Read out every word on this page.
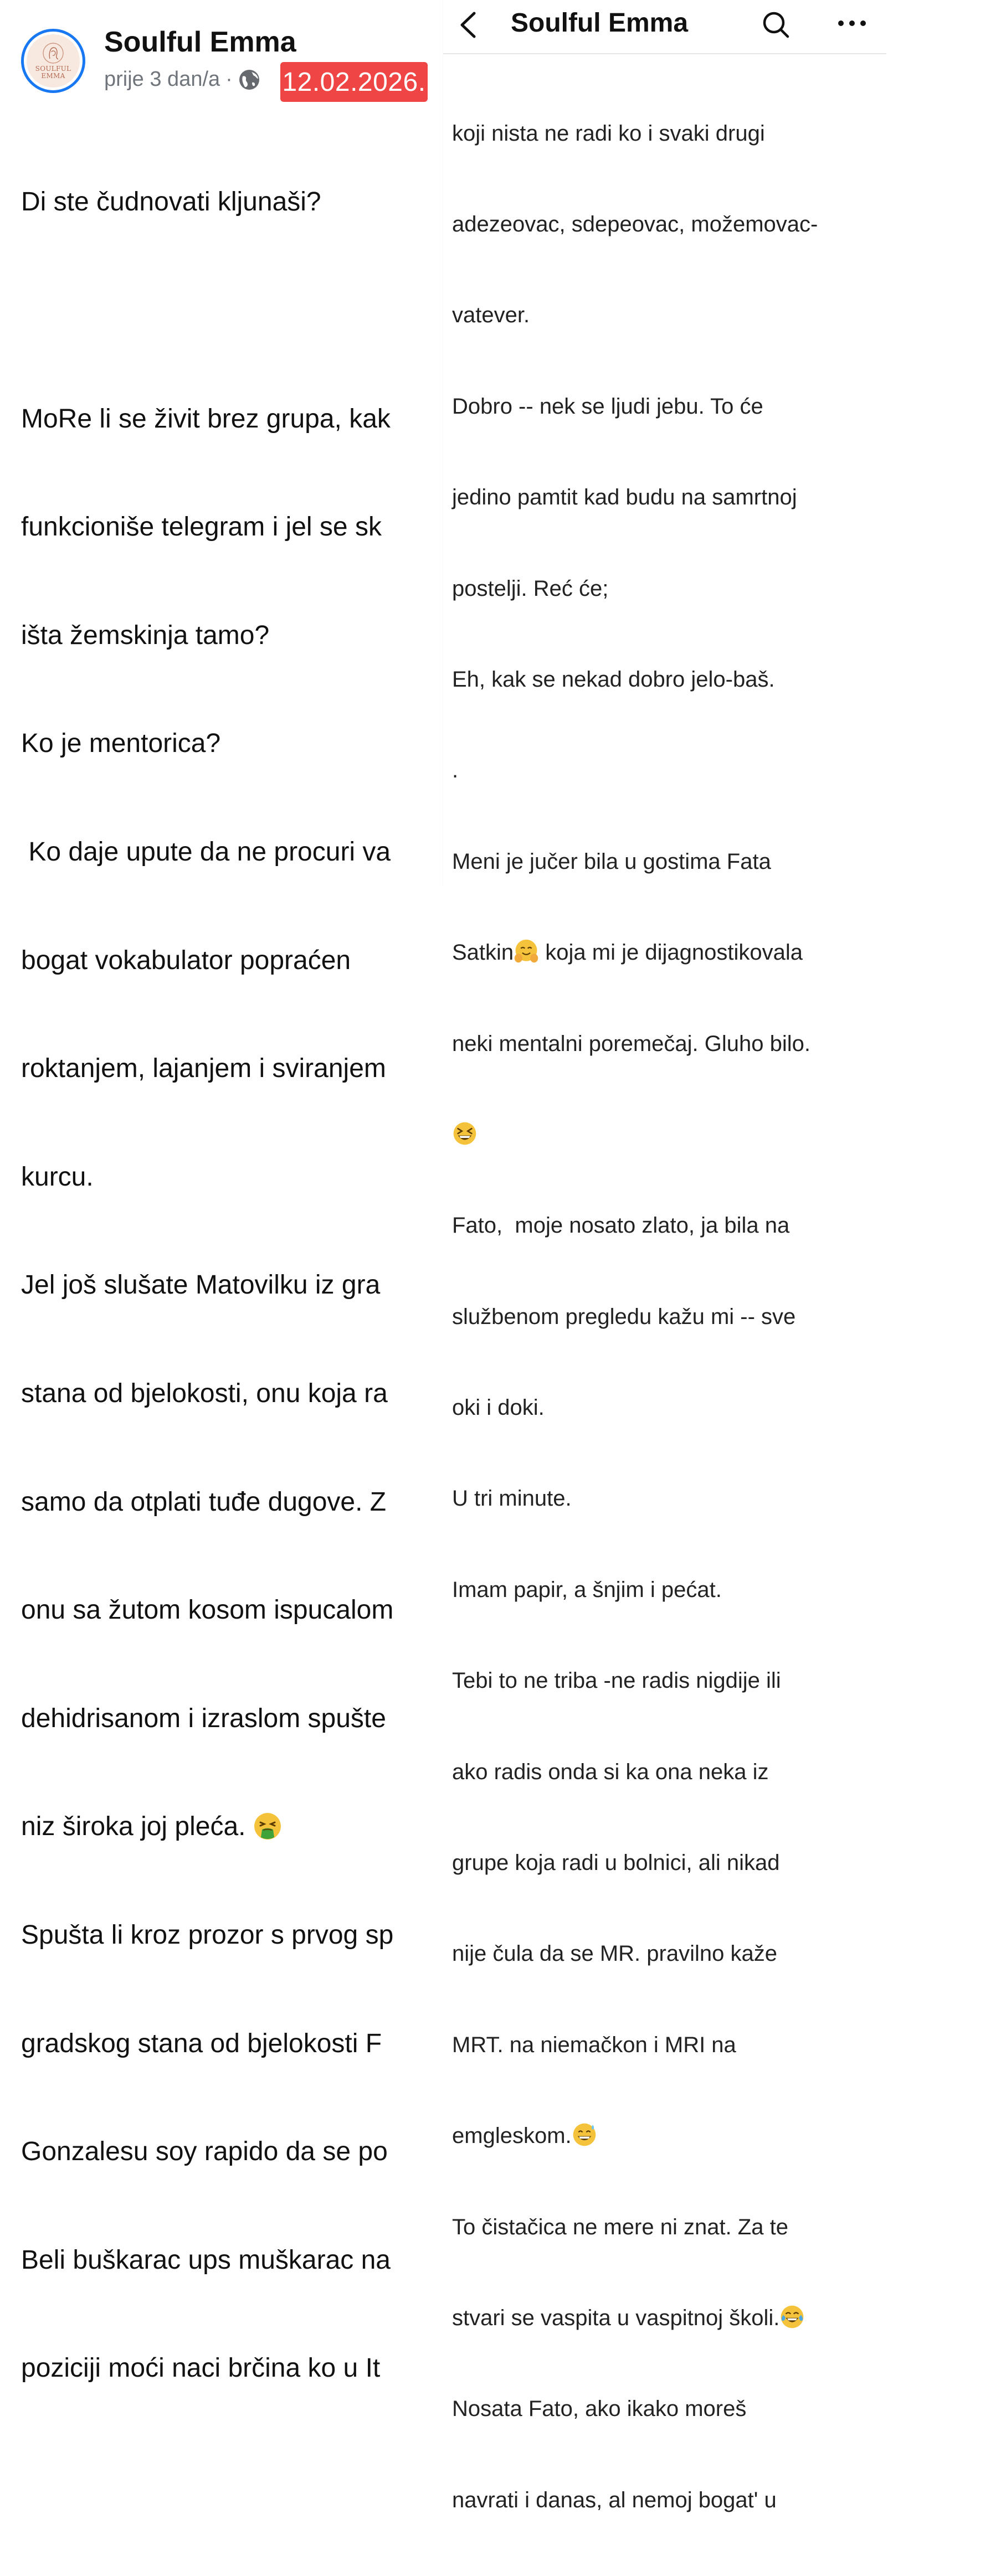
SOULFUL EMMA
Soulful Emma
prije 3 dan/a · 12.02.2026.

Di ste čudnovati kljunaši?

MoRe li se živit brez grupa, kak

funkcioniše telegram i jel se sk

išta žemskinja tamo?

Ko je mentorica?

Ko daje upute da ne procuri va

bogat vokabulator popraćen

roktanjem, lajanjem i sviranjem

kurcu.

Jel još slušate Matovilku iz gra

stana od bjelokosti, onu koja ra

samo da otplati tuđe dugove. Z

onu sa žutom kosom ispucalom

dehidrisanom i izraslom spušte

niz široka joj pleća.

Spušta li kroz prozor s prvog sp

gradskog stana od bjelokosti F

Gonzalesu soy rapido da se po

Beli buškarac ups muškarac na

poziciji moći naci brčina ko u It

koji nista ne radi ko i svaki drugi

adezeovac, sdepeovac, možemovac-

vatever.

Dobro -- nek se ljudi jebu. To će

jedino pamtit kad budu na samrtnoj

postelji. Reć će;

Eh, kak se nekad dobro jelo-baš.

.

Meni je jučer bila u gostima Fata

Satkin koja mi je dijagnostikovala

neki mentalni poremečaj. Gluho bilo.

Fato,  moje nosato zlato, ja bila na

službenom pregledu kažu mi -- sve

oki i doki.

U tri minute.

Imam papir, a šnjim i pećat.

Tebi to ne triba -ne radis nigdije ili

ako radis onda si ka ona neka iz

grupe koja radi u bolnici, ali nikad

nije čula da se MR. pravilno kaže

MRT. na niemačkon i MRI na

emgleskom.

To čistačica ne mere ni znat. Za te

stvari se vaspita u vaspitnoj školi.

Nosata Fato, ako ikako moreš

navrati i danas, al nemoj bogat' u

Soulful Emma
